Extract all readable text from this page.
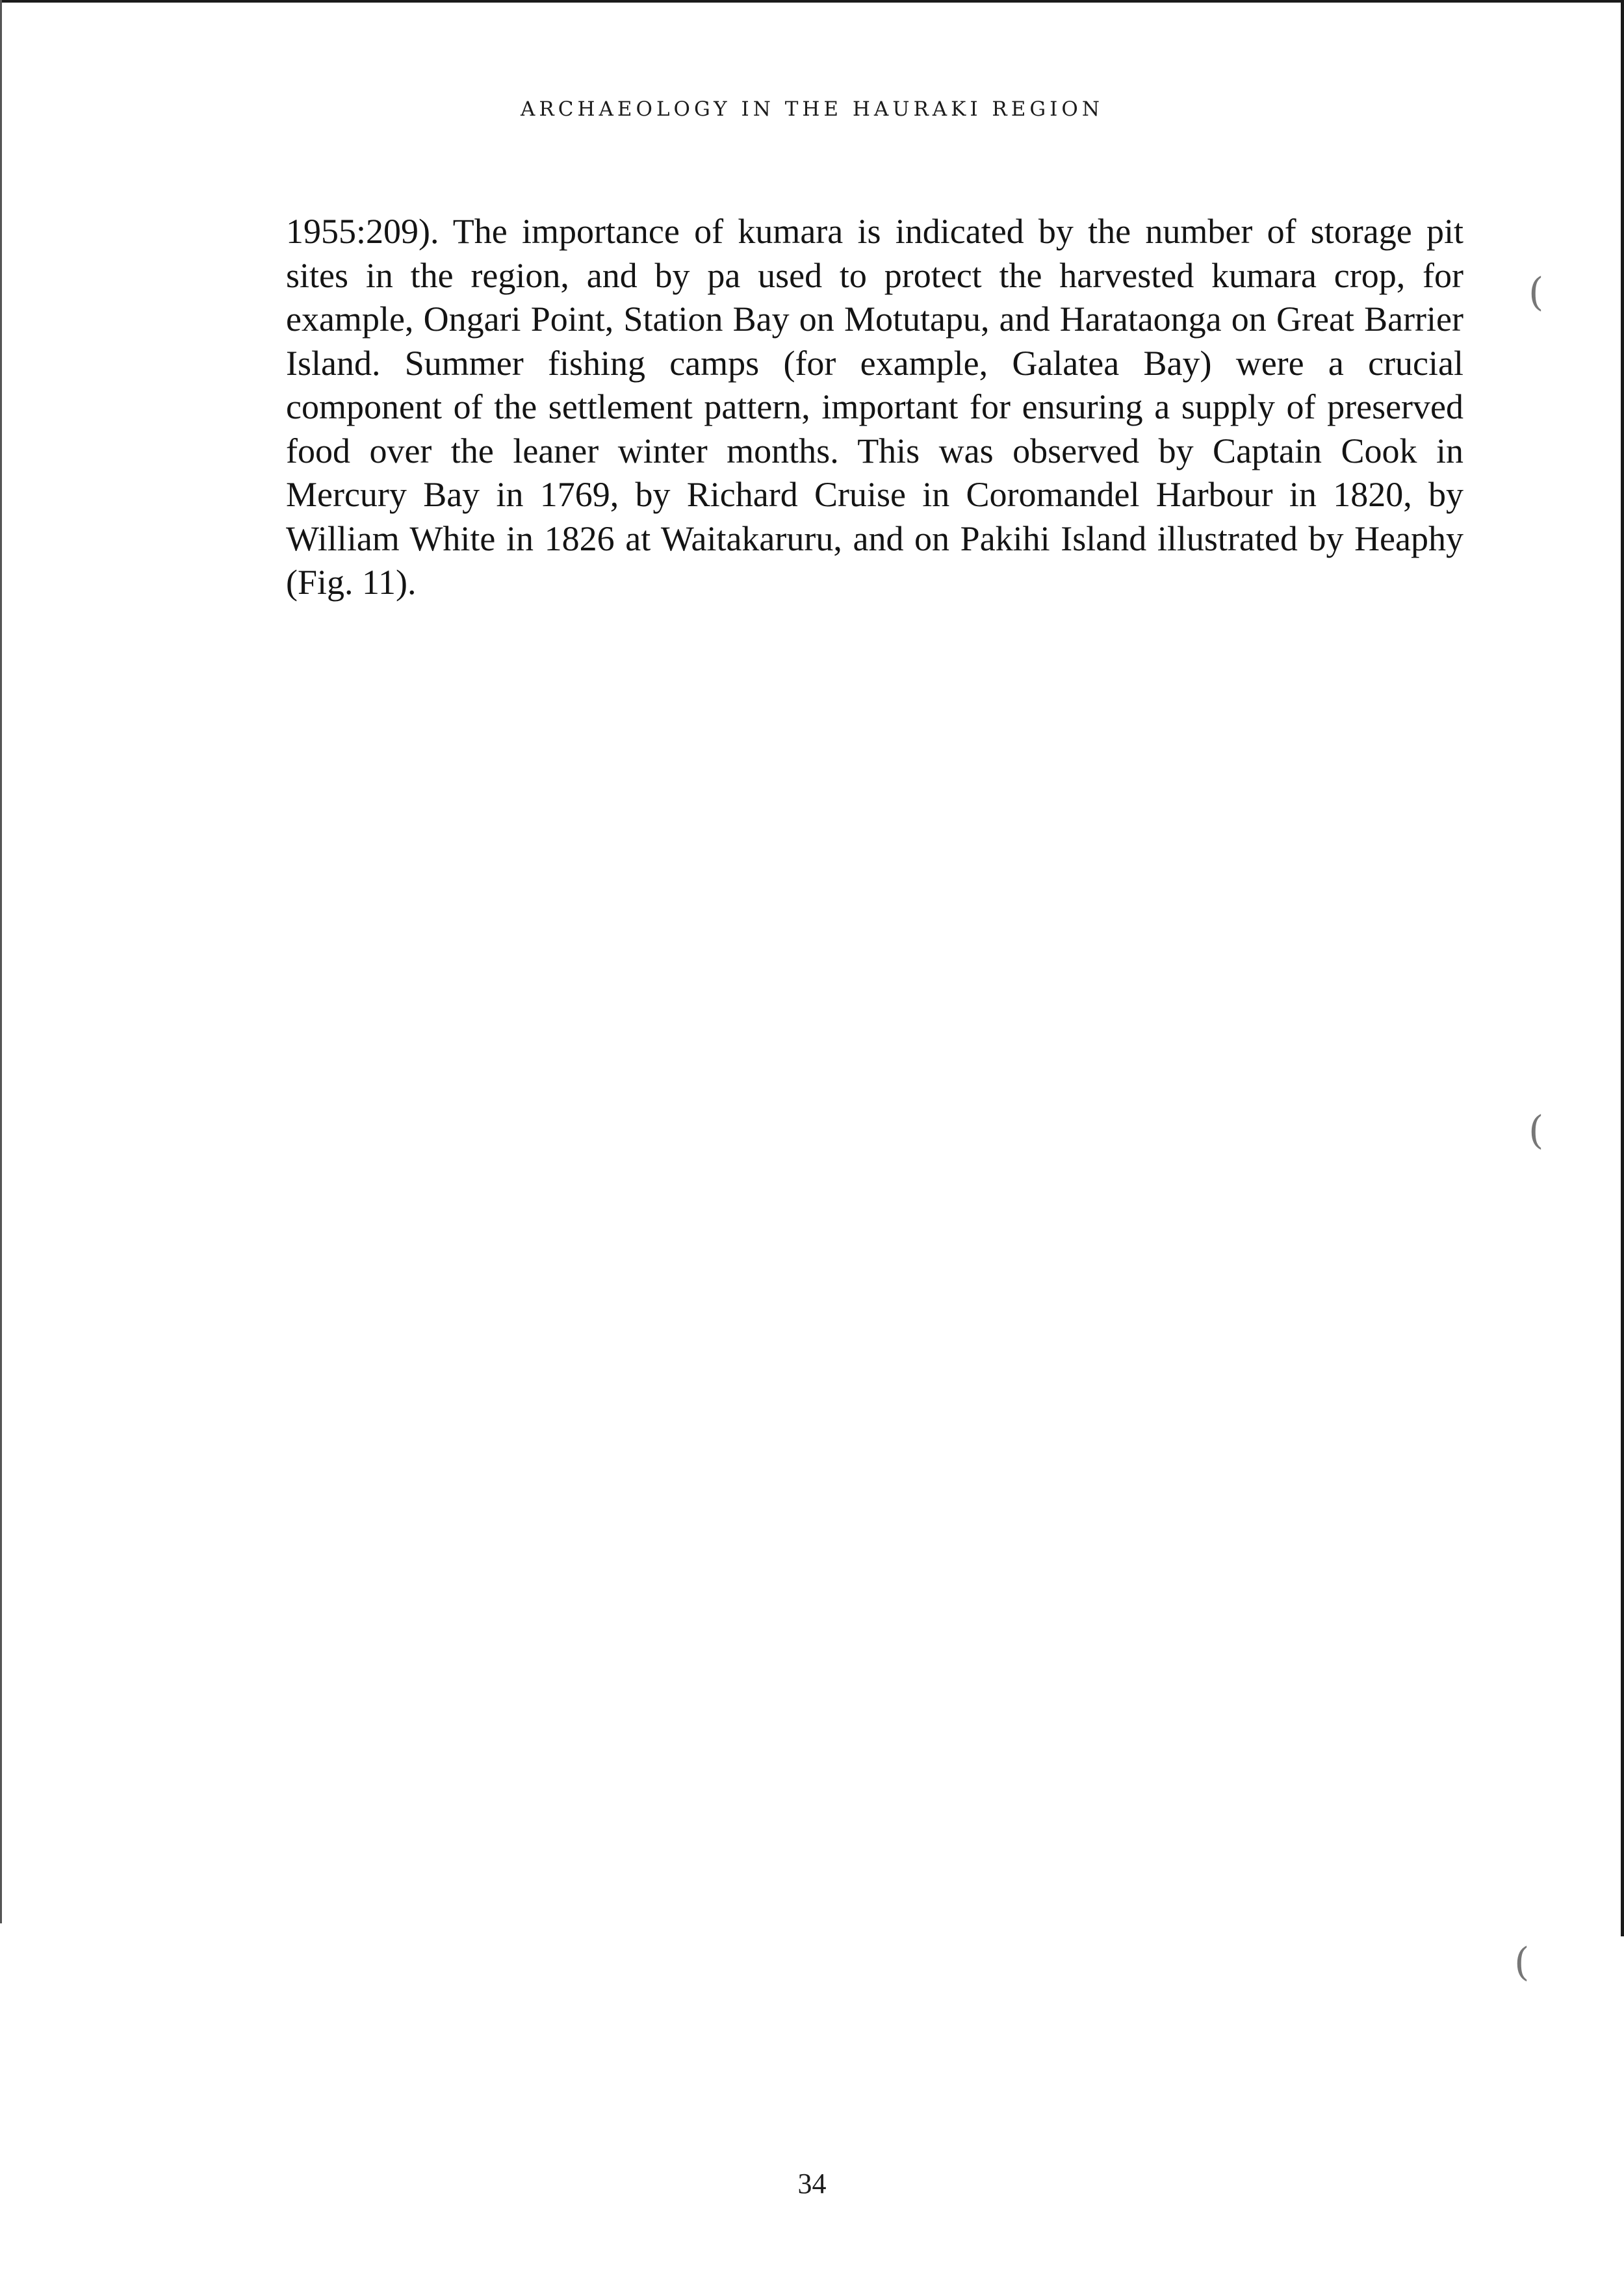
ARCHAEOLOGY IN THE HAURAKI REGION

1955:209). The importance of kumara is indicated by the number of storage pit sites in the region, and by pa used to protect the harvested kumara crop, for example, Ongari Point, Station Bay on Motutapu, and Harataonga on Great Barrier Island. Summer fishing camps (for example, Galatea Bay) were a crucial component of the settlement pattern, important for ensuring a supply of preserved food over the leaner winter months. This was observed by Captain Cook in Mercury Bay in 1769, by Richard Cruise in Coromandel Harbour in 1820, by William White in 1826 at Waitakaruru, and on Pakihi Island illustrated by Heaphy (Fig. 11).

(
(
(
34
